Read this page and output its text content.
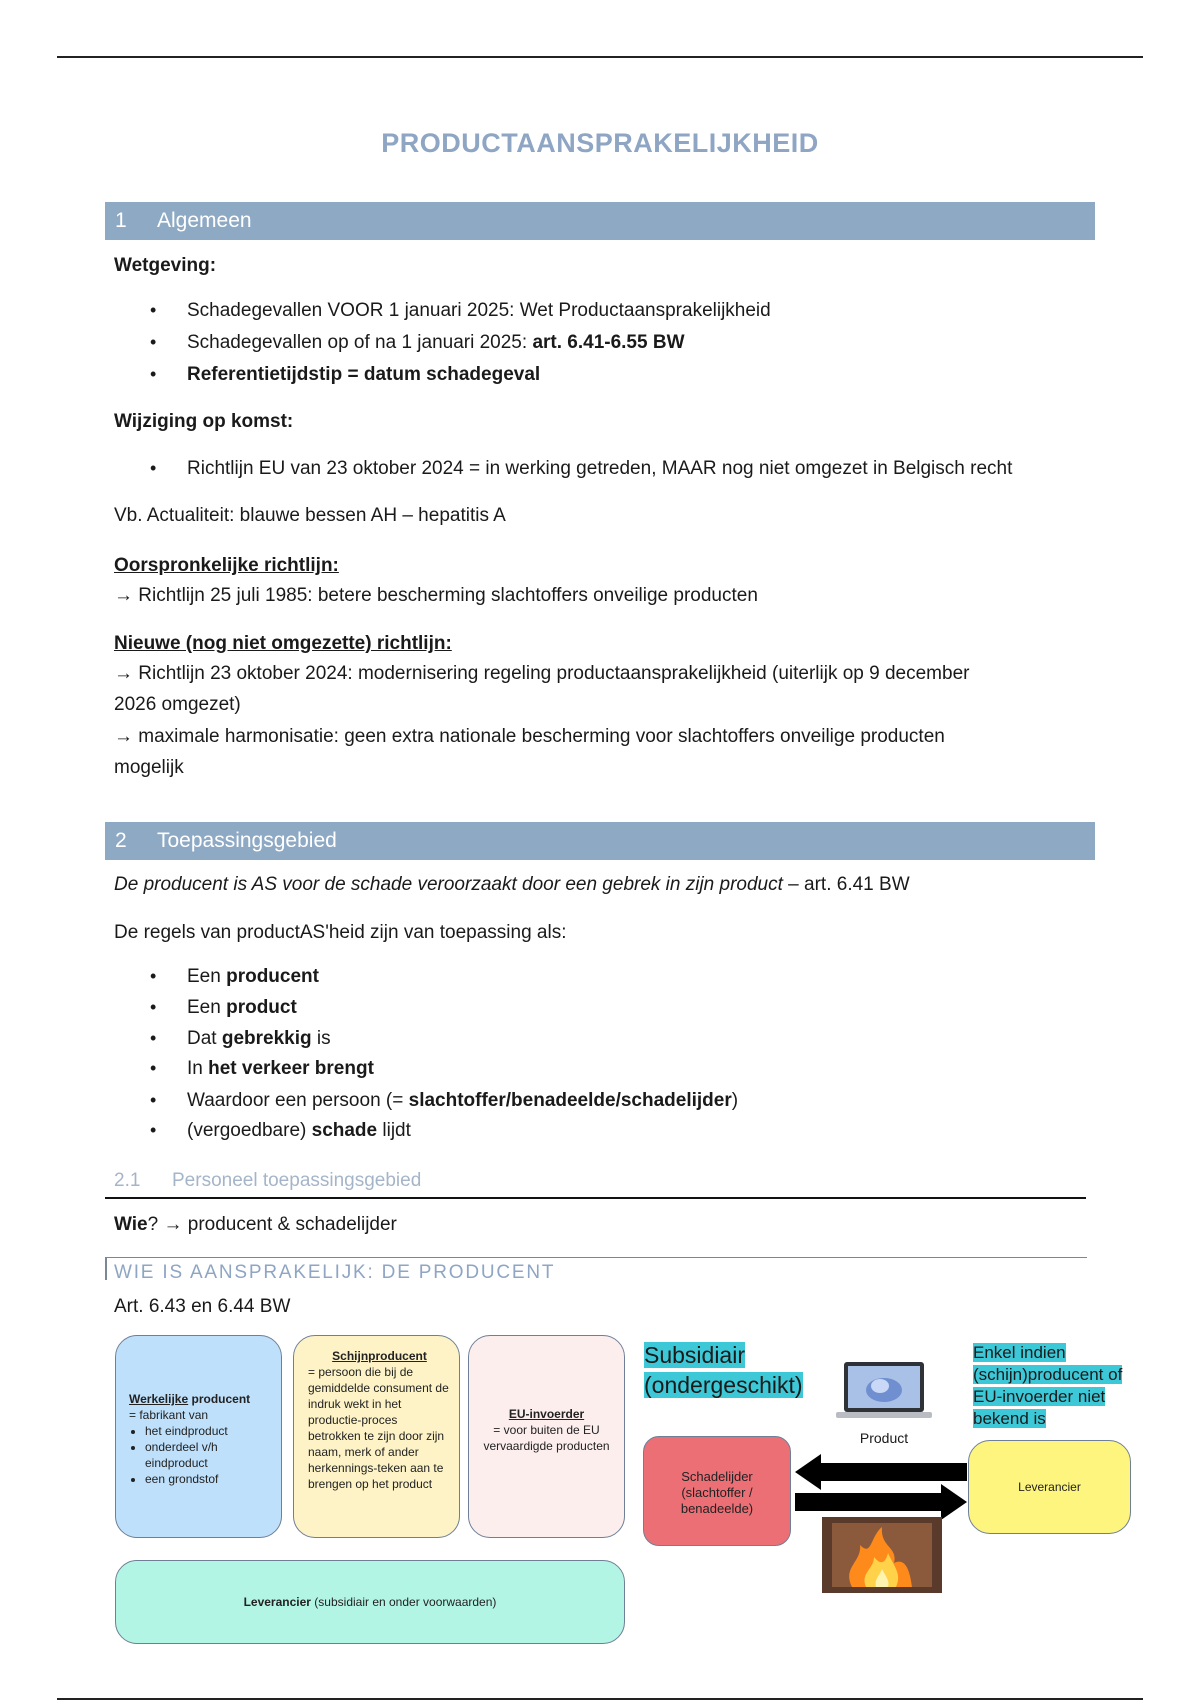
PRODUCTAANSPRAKELIJKHEID
1 Algemeen
Wetgeving:
• Schadegevallen VOOR 1 januari 2025: Wet Productaansprakelijkheid
• Schadegevallen op of na 1 januari 2025: art. 6.41-6.55 BW
• Referentietijdstip = datum schadegeval
Wijziging op komst:
• Richtlijn EU van 23 oktober 2024 = in werking getreden, MAAR nog niet omgezet in Belgisch recht
Vb. Actualiteit: blauwe bessen AH – hepatitis A
Oorspronkelijke richtlijn:
→ Richtlijn 25 juli 1985: betere bescherming slachtoffers onveilige producten
Nieuwe (nog niet omgezette) richtlijn:
→ Richtlijn 23 oktober 2024: modernisering regeling productaansprakelijkheid (uiterlijk op 9 december
2026 omgezet)
→ maximale harmonisatie: geen extra nationale bescherming voor slachtoffers onveilige producten
mogelijk
2 Toepassingsgebied
De producent is AS voor de schade veroorzaakt door een gebrek in zijn product – art. 6.41 BW
De regels van productAS'heid zijn van toepassing als:
• Een producent
• Een product
• Dat gebrekkig is
• In het verkeer brengt
• Waardoor een persoon (= slachtoffer/benadeelde/schadelijder)
• (vergoedbare) schade lijdt
2.1 Personeel toepassingsgebied
Wie? → producent & schadelijder
WIE IS AANSPRAKELIJK: DE PRODUCENT
Art. 6.43 en 6.44 BW
Werkelijke producent
= fabrikant van
• het eindproduct
• onderdeel v/h eindproduct
• een grondstof
Schijnproducent
= persoon die bij de gemiddelde consument de indruk wekt in het productie-proces betrokken te zijn door zijn naam, merk of ander herkennings-teken aan te brengen op het product
EU-invoerder
= voor buiten de EU vervaardigde producten
Leverancier (subsidiair en onder voorwaarden)
Subsidiair
(ondergeschikt)
Enkel indien (schijn)producent of EU-invoerder niet bekend is
Product
Schadelijder (slachtoffer / benadeelde)
Leverancier
